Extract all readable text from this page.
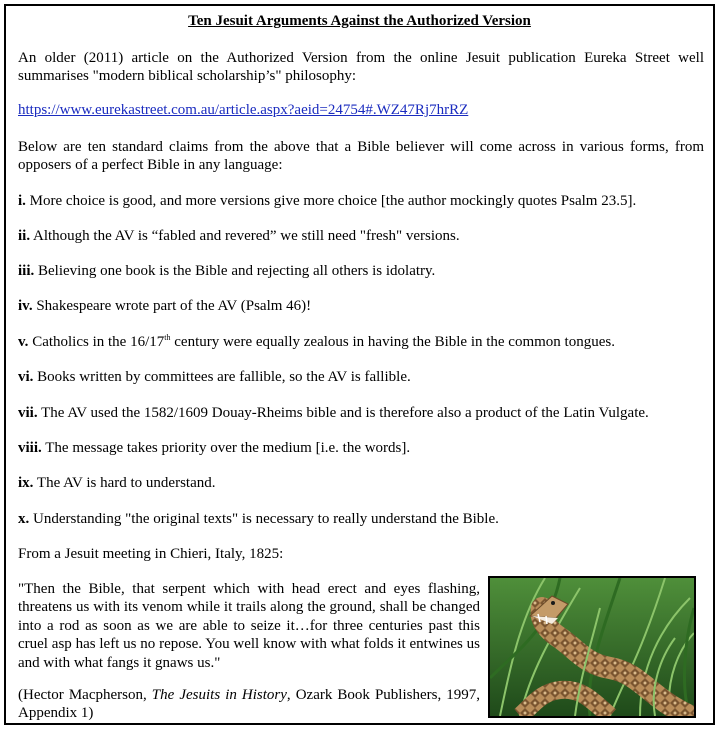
Ten Jesuit Arguments Against the Authorized Version
An older (2011) article on the Authorized Version from the online Jesuit publication Eureka Street well summarises "modern biblical scholarship’s" philosophy:
https://www.eurekastreet.com.au/article.aspx?aeid=24754#.WZ47Rj7hrRZ
Below are ten standard claims from the above that a Bible believer will come across in various forms, from opposers of a perfect Bible in any language:
i. More choice is good, and more versions give more choice [the author mockingly quotes Psalm 23.5].
ii. Although the AV is “fabled and revered” we still need "fresh" versions.
iii. Believing one book is the Bible and rejecting all others is idolatry.
iv. Shakespeare wrote part of the AV (Psalm 46)!
v. Catholics in the 16/17th century were equally zealous in having the Bible in the common tongues.
vi. Books written by committees are fallible, so the AV is fallible.
vii. The AV used the 1582/1609 Douay-Rheims bible and is therefore also a product of the Latin Vulgate.
viii. The message takes priority over the medium [i.e. the words].
ix. The AV is hard to understand.
x. Understanding "the original texts" is necessary to really understand the Bible.
From a Jesuit meeting in Chieri, Italy, 1825:
"Then the Bible, that serpent which with head erect and eyes flashing, threatens us with its venom while it trails along the ground, shall be changed into a rod as soon as we are able to seize it…for three centuries past this cruel asp has left us no repose. You well know with what folds it entwines us and with what fangs it gnaws us."
(Hector Macpherson, The Jesuits in History, Ozark Book Publishers, 1997, Appendix 1)
